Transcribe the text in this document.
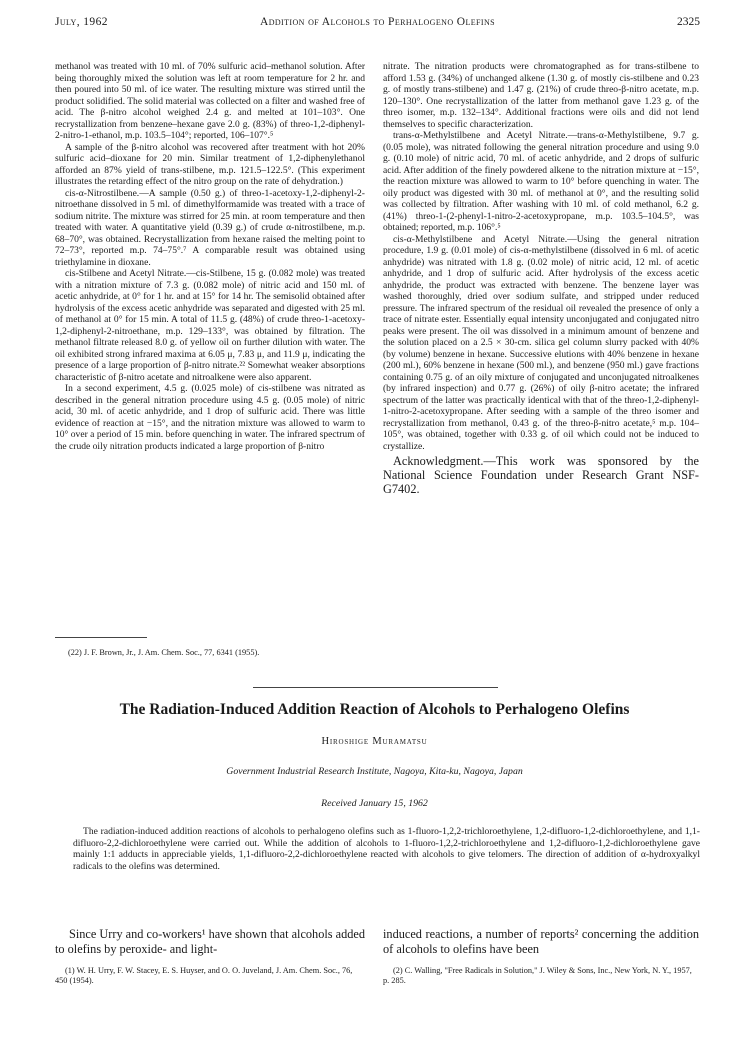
July, 1962	Addition of Alcohols to Perhalogeno Olefins	2325

methanol was treated with 10 ml. of 70% sulfuric acid–methanol solution. After being thoroughly mixed the solution was left at room temperature for 2 hr. and then poured into 50 ml. of ice water. The resulting mixture was stirred until the product solidified. The solid material was collected on a filter and washed free of acid. The β-nitro alcohol weighed 2.4 g. and melted at 101–103°. One recrystallization from benzene–hexane gave 2.0 g. (83%) of threo-1,2-diphenyl-2-nitro-1-ethanol, m.p. 103.5–104°; reported, 106–107°.⁵

A sample of the β-nitro alcohol was recovered after treatment with hot 20% sulfuric acid–dioxane for 20 min. Similar treatment of 1,2-diphenylethanol afforded an 87% yield of trans-stilbene, m.p. 121.5–122.5°. (This experiment illustrates the retarding effect of the nitro group on the rate of dehydration.)

cis-α-Nitrostilbene.—A sample (0.50 g.) of threo-1-acetoxy-1,2-diphenyl-2-nitroethane dissolved in 5 ml. of dimethylformamide was treated with a trace of sodium nitrite. The mixture was stirred for 25 min. at room temperature and then treated with water. A quantitative yield (0.39 g.) of crude α-nitrostilbene, m.p. 68–70°, was obtained. Recrystallization from hexane raised the melting point to 72–73°, reported m.p. 74–75°.⁷ A comparable result was obtained using triethylamine in dioxane.

cis-Stilbene and Acetyl Nitrate.—cis-Stilbene, 15 g. (0.082 mole) was treated with a nitration mixture of 7.3 g. (0.082 mole) of nitric acid and 150 ml. of acetic anhydride, at 0° for 1 hr. and at 15° for 14 hr. The semisolid obtained after hydrolysis of the excess acetic anhydride was separated and digested with 25 ml. of methanol at 0° for 15 min. A total of 11.5 g. (48%) of crude threo-1-acetoxy-1,2-diphenyl-2-nitroethane, m.p. 129–133°, was obtained by filtration. The methanol filtrate released 8.0 g. of yellow oil on further dilution with water. The oil exhibited strong infrared maxima at 6.05 μ, 7.83 μ, and 11.9 μ, indicating the presence of a large proportion of β-nitro nitrate.²² Somewhat weaker absorptions characteristic of β-nitro acetate and nitroalkene were also apparent.

In a second experiment, 4.5 g. (0.025 mole) of cis-stilbene was nitrated as described in the general nitration procedure using 4.5 g. (0.05 mole) of nitric acid, 30 ml. of acetic anhydride, and 1 drop of sulfuric acid. There was little evidence of reaction at −15°, and the nitration mixture was allowed to warm to 10° over a period of 15 min. before quenching in water. The infrared spectrum of the crude oily nitration products indicated a large proportion of β-nitro

nitrate. The nitration products were chromatographed as for trans-stilbene to afford 1.53 g. (34%) of unchanged alkene (1.30 g. of mostly cis-stilbene and 0.23 g. of mostly trans-stilbene) and 1.47 g. (21%) of crude threo-β-nitro acetate, m.p. 120–130°. One recrystallization of the latter from methanol gave 1.23 g. of the threo isomer, m.p. 132–134°. Additional fractions were oils and did not lend themselves to specific characterization.

trans-α-Methylstilbene and Acetyl Nitrate.—trans-α-Methylstilbene, 9.7 g. (0.05 mole), was nitrated following the general nitration procedure and using 9.0 g. (0.10 mole) of nitric acid, 70 ml. of acetic anhydride, and 2 drops of sulfuric acid. After addition of the finely powdered alkene to the nitration mixture at −15°, the reaction mixture was allowed to warm to 10° before quenching in water. The oily product was digested with 30 ml. of methanol at 0°, and the resulting solid was collected by filtration. After washing with 10 ml. of cold methanol, 6.2 g. (41%) threo-1-(2-phenyl-1-nitro-2-acetoxypropane, m.p. 103.5–104.5°, was obtained; reported, m.p. 106°.⁵

cis-α-Methylstilbene and Acetyl Nitrate.—Using the general nitration procedure, 1.9 g. (0.01 mole) of cis-α-methylstilbene (dissolved in 6 ml. of acetic anhydride) was nitrated with 1.8 g. (0.02 mole) of nitric acid, 12 ml. of acetic anhydride, and 1 drop of sulfuric acid. After hydrolysis of the excess acetic anhydride, the product was extracted with benzene. The benzene layer was washed thoroughly, dried over sodium sulfate, and stripped under reduced pressure. The infrared spectrum of the residual oil revealed the presence of only a trace of nitrate ester. Essentially equal intensity unconjugated and conjugated nitro peaks were present. The oil was dissolved in a minimum amount of benzene and the solution placed on a 2.5 × 30-cm. silica gel column slurry packed with 40% (by volume) benzene in hexane. Successive elutions with 40% benzene in hexane (200 ml.), 60% benzene in hexane (500 ml.), and benzene (950 ml.) gave fractions containing 0.75 g. of an oily mixture of conjugated and unconjugated nitroalkenes (by infrared inspection) and 0.77 g. (26%) of oily β-nitro acetate; the infrared spectrum of the latter was practically identical with that of the threo-1,2-diphenyl-1-nitro-2-acetoxypropane. After seeding with a sample of the threo isomer and recrystallization from methanol, 0.43 g. of the threo-β-nitro acetate,⁵ m.p. 104–105°, was obtained, together with 0.33 g. of oil which could not be induced to crystallize.

Acknowledgment.—This work was sponsored by the National Science Foundation under Research Grant NSF-G7402.

(22) J. F. Brown, Jr., J. Am. Chem. Soc., 77, 6341 (1955).
The Radiation-Induced Addition Reaction of Alcohols to Perhalogeno Olefins
Hiroshige Muramatsu
Government Industrial Research Institute, Nagoya, Kita-ku, Nagoya, Japan
Received January 15, 1962

The radiation-induced addition reactions of alcohols to perhalogeno olefins such as 1-fluoro-1,2,2-trichloroethylene, 1,2-difluoro-1,2-dichloroethylene, and 1,1-difluoro-2,2-dichloroethylene were carried out. While the addition of alcohols to 1-fluoro-1,2,2-trichloroethylene and 1,2-difluoro-1,2-dichloroethylene gave mainly 1:1 adducts in appreciable yields, 1,1-difluoro-2,2-dichloroethylene reacted with alcohols to give telomers. The direction of addition of α-hydroxyalkyl radicals to the olefins was determined.

Since Urry and co-workers¹ have shown that alcohols added to olefins by peroxide- and light-

induced reactions, a number of reports² concerning the addition of alcohols to olefins have been

(1) W. H. Urry, F. W. Stacey, E. S. Huyser, and O. O. Juveland, J. Am. Chem. Soc., 76, 450 (1954).

(2) C. Walling, "Free Radicals in Solution," J. Wiley & Sons, Inc., New York, N. Y., 1957, p. 285.
